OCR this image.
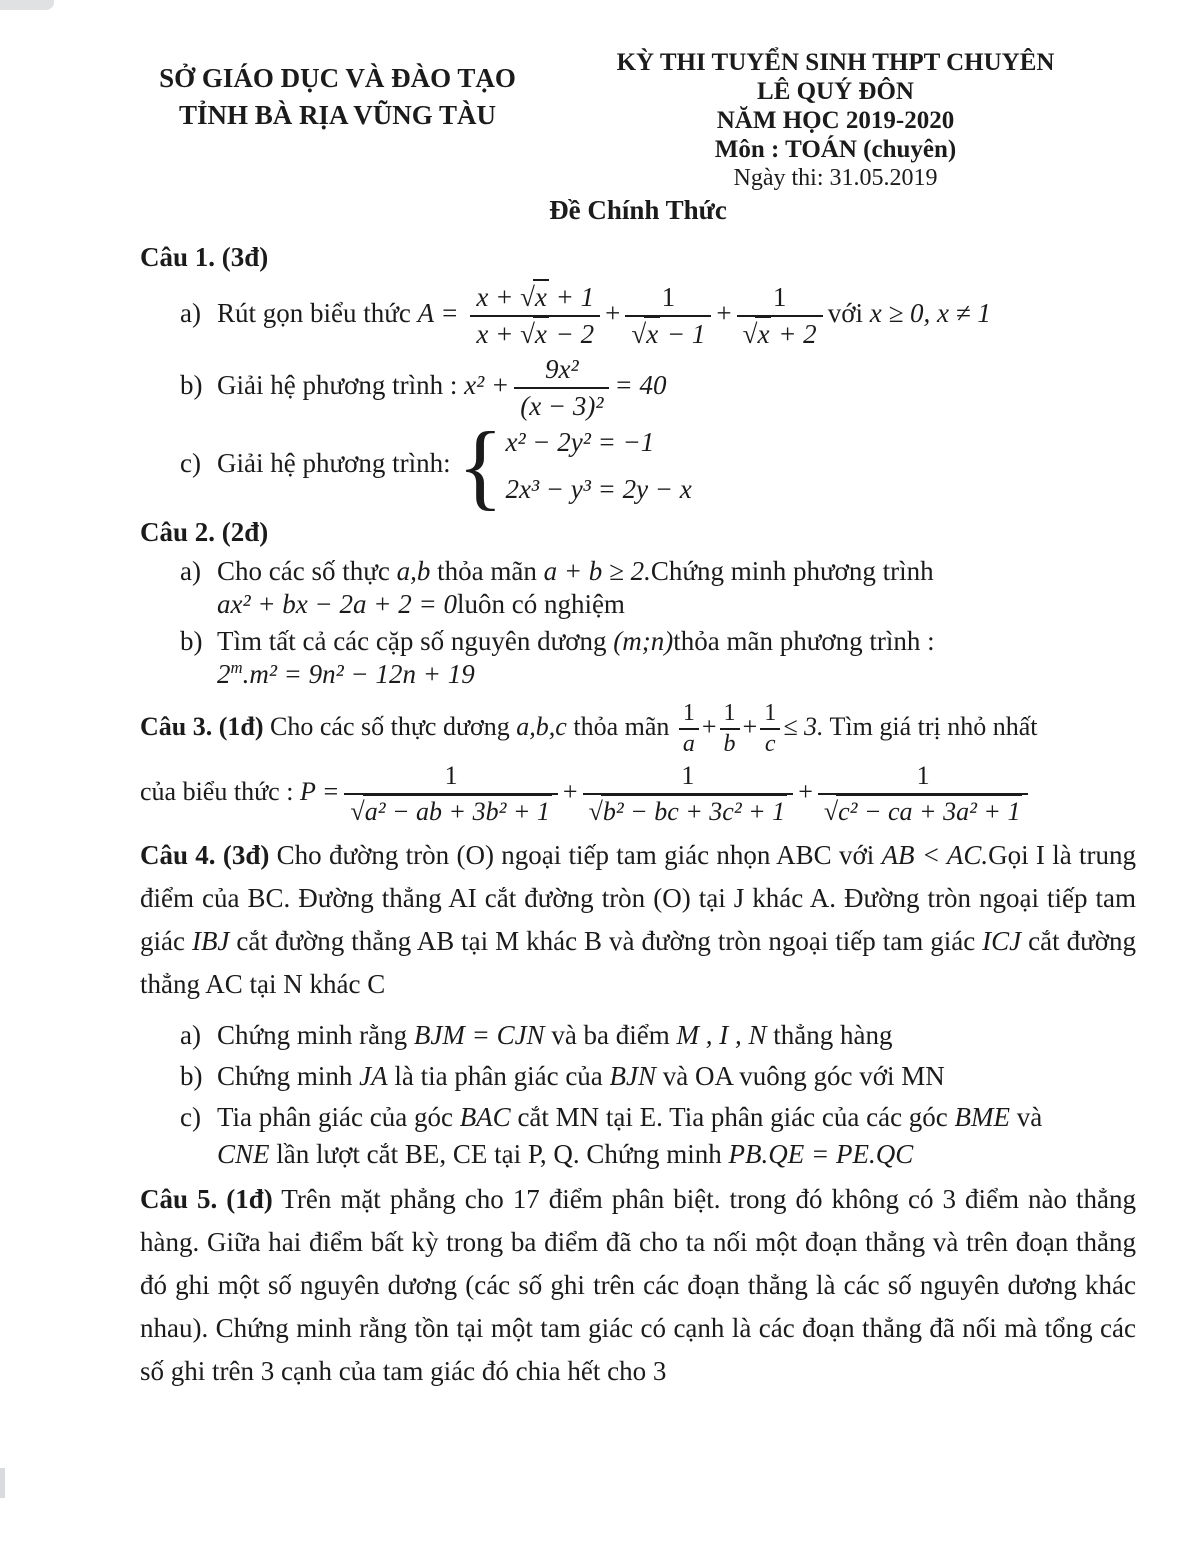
SỞ GIÁO DỤC VÀ ĐÀO TẠO
TỈNH BÀ RỊA VŨNG TÀU
KỲ THI TUYỂN SINH THPT CHUYÊN
LÊ QUÝ ĐÔN
NĂM HỌC 2019-2020
Môn : TOÁN (chuyên)
Ngày thi: 31.05.2019
Đề Chính Thức
Câu 1. (3đ)
a) Rút gọn biểu thức $A = \frac{x + √x + 1}{x + √x - 2} + \frac{1}{√x - 1} + \frac{1}{√x + 2}$ với x ≥ 0, x ≠ 1
b) Giải hệ phương trình : $x^2 + \frac{\text{9x²}}{\text{(x − 3)²}} = 40$
c) Giải hệ phương trình: { x² − 2y² = −1
2x³ − y³ = 2y − x
Câu 2. (2đ)
a) Cho các số thực a,b thỏa mãn a + b ≥ 2.Chứng minh phương trình
ax² + bx − 2a + 2 = 0luôn có nghiệm
b) Tìm tất cả các cặp số nguyên dương (m;n)thỏa mãn phương trình :
$2^m.m^2 = 9n^2 - 12n + 19$

Câu 3. (1đ) Cho các số thực dương a,b,c thỏa mãn $\frac{1}{a} + \frac{1}{b} + \frac{1}{c} \le 3$. Tìm giá trị nhỏ nhất

của biểu thức : $P = \frac{1}{\text{√a² − ab + 3b² + 1}} + \frac{1}{\text{√b² − bc + 3c² + 1}} + \frac{1}{\text{√c² − ca + 3a² + 1}}$

Câu 4. (3đ) Cho đường tròn (O) ngoại tiếp tam giác nhọn ABC với AB < AC.Gọi I là trung điểm của BC. Đường thẳng AI cắt đường tròn (O) tại J khác A. Đường tròn ngoại tiếp tam giác IBJ cắt đường thẳng AB tại M khác B và đường tròn ngoại tiếp tam giác ICJ cắt đường thẳng AC tại N khác C

a) Chứng minh rằng BJM = CJN và ba điểm M , I , N thẳng hàng
b) Chứng minh JA là tia phân giác của BJN và OA vuông góc với MN
c) Tia phân giác của góc BAC cắt MN tại E. Tia phân giác của các góc BME và
CNE lần lượt cắt BE, CE tại P, Q. Chứng minh PB.QE = PE.QC

Câu 5. (1đ) Trên mặt phẳng cho 17 điểm phân biệt. trong đó không có 3 điểm nào thẳng hàng. Giữa hai điểm bất kỳ trong ba điểm đã cho ta nối một đoạn thẳng và trên đoạn thẳng đó ghi một số nguyên dương (các số ghi trên các đoạn thẳng là các số nguyên dương khác nhau). Chứng minh rằng tồn tại một tam giác có cạnh là các đoạn thẳng đã nối mà tổng các số ghi trên 3 cạnh của tam giác đó chia hết cho 3
